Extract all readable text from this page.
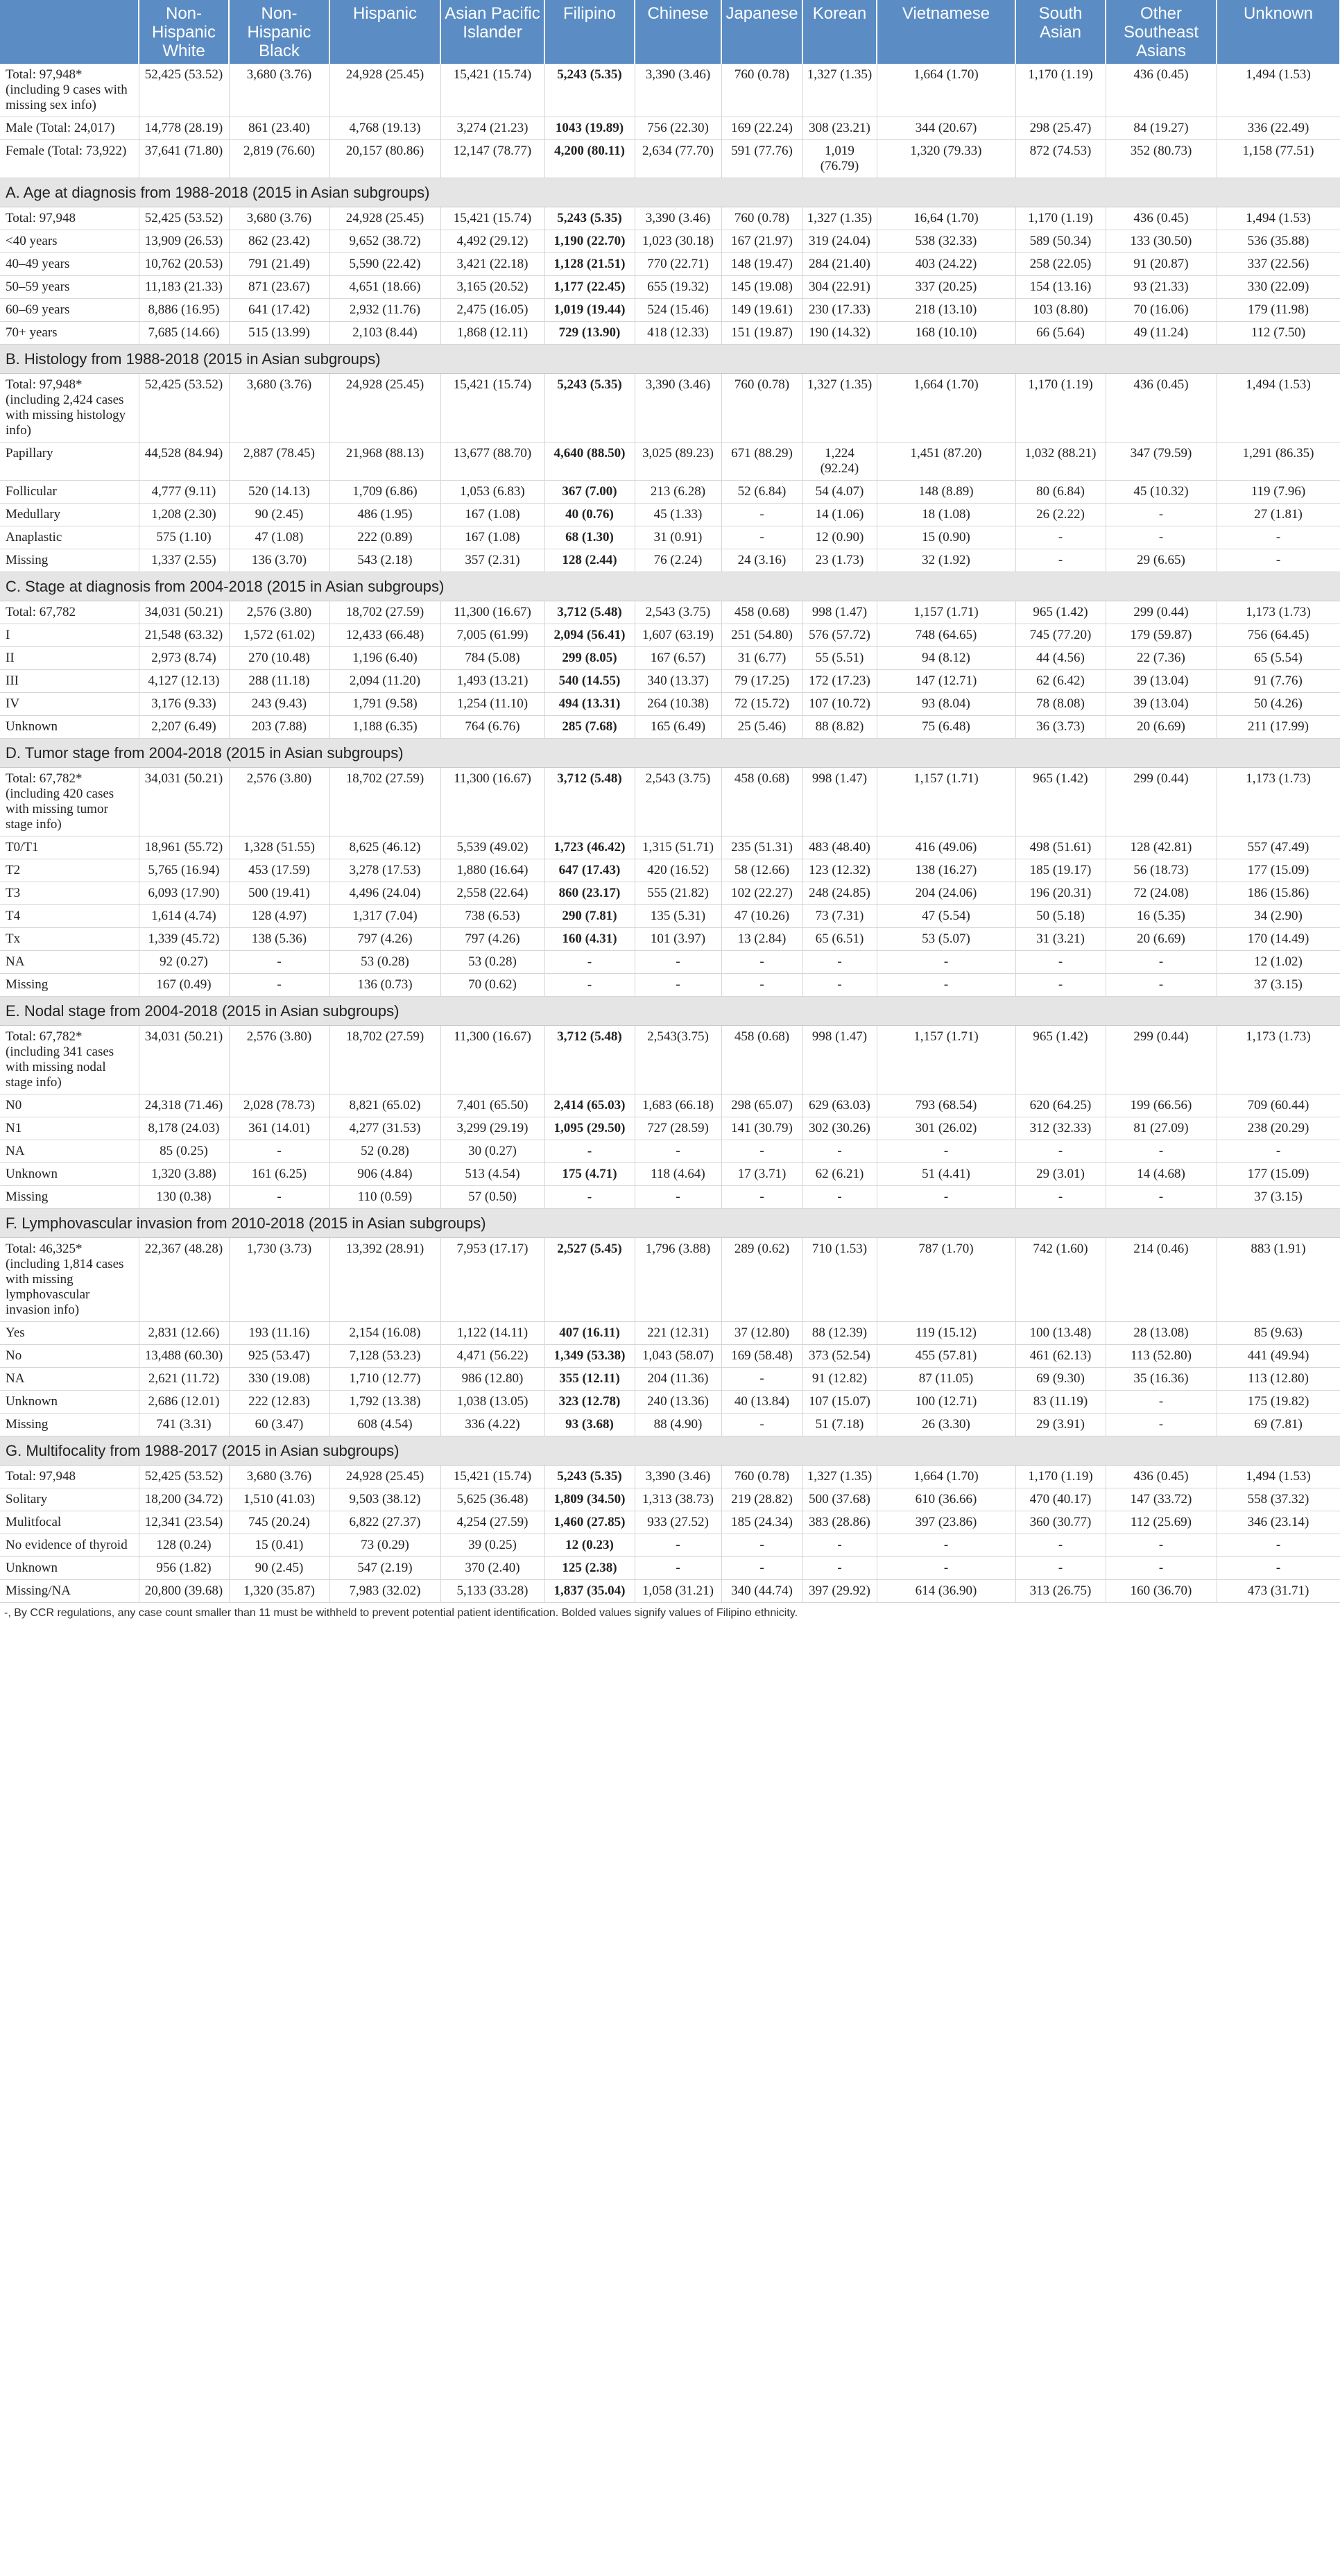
	Non-Hispanic White	Non-Hispanic Black	Hispanic	Asian Pacific Islander	Filipino	Chinese	Japanese	Korean	Vietnamese	South Asian	Other Southeast Asians	Unknown
Total: 97,948* (including 9 cases with missing sex info)	52,425 (53.52)	3,680 (3.76)	24,928 (25.45)	15,421 (15.74)	5,243 (5.35)	3,390 (3.46)	760 (0.78)	1,327 (1.35)	1,664 (1.70)	1,170 (1.19)	436 (0.45)	1,494 (1.53)
Male (Total: 24,017)	14,778 (28.19)	861 (23.40)	4,768 (19.13)	3,274 (21.23)	1043 (19.89)	756 (22.30)	169 (22.24)	308 (23.21)	344 (20.67)	298 (25.47)	84 (19.27)	336 (22.49)
Female (Total: 73,922)	37,641 (71.80)	2,819 (76.60)	20,157 (80.86)	12,147 (78.77)	4,200 (80.11)	2,634 (77.70)	591 (77.76)	1,019 (76.79)	1,320 (79.33)	872 (74.53)	352 (80.73)	1,158 (77.51)
A. Age at diagnosis from 1988-2018 (2015 in Asian subgroups)												
Total: 97,948	52,425 (53.52)	3,680 (3.76)	24,928 (25.45)	15,421 (15.74)	5,243 (5.35)	3,390 (3.46)	760 (0.78)	1,327 (1.35)	16,64 (1.70)	1,170 (1.19)	436 (0.45)	1,494 (1.53)
<40 years	13,909 (26.53)	862 (23.42)	9,652 (38.72)	4,492 (29.12)	1,190 (22.70)	1,023 (30.18)	167 (21.97)	319 (24.04)	538 (32.33)	589 (50.34)	133 (30.50)	536 (35.88)
40–49 years	10,762 (20.53)	791 (21.49)	5,590 (22.42)	3,421 (22.18)	1,128 (21.51)	770 (22.71)	148 (19.47)	284 (21.40)	403 (24.22)	258 (22.05)	91 (20.87)	337 (22.56)
50–59 years	11,183 (21.33)	871 (23.67)	4,651 (18.66)	3,165 (20.52)	1,177 (22.45)	655 (19.32)	145 (19.08)	304 (22.91)	337 (20.25)	154 (13.16)	93 (21.33)	330 (22.09)
60–69 years	8,886 (16.95)	641 (17.42)	2,932 (11.76)	2,475 (16.05)	1,019 (19.44)	524 (15.46)	149 (19.61)	230 (17.33)	218 (13.10)	103 (8.80)	70 (16.06)	179 (11.98)
70+ years	7,685 (14.66)	515 (13.99)	2,103 (8.44)	1,868 (12.11)	729 (13.90)	418 (12.33)	151 (19.87)	190 (14.32)	168 (10.10)	66 (5.64)	49 (11.24)	112 (7.50)
B. Histology from 1988-2018 (2015 in Asian subgroups)												
Total: 97,948* (including 2,424 cases with missing histology info)	52,425 (53.52)	3,680 (3.76)	24,928 (25.45)	15,421 (15.74)	5,243 (5.35)	3,390 (3.46)	760 (0.78)	1,327 (1.35)	1,664 (1.70)	1,170 (1.19)	436 (0.45)	1,494 (1.53)
Papillary	44,528 (84.94)	2,887 (78.45)	21,968 (88.13)	13,677 (88.70)	4,640 (88.50)	3,025 (89.23)	671 (88.29)	1,224 (92.24)	1,451 (87.20)	1,032 (88.21)	347 (79.59)	1,291 (86.35)
Follicular	4,777 (9.11)	520 (14.13)	1,709 (6.86)	1,053 (6.83)	367 (7.00)	213 (6.28)	52 (6.84)	54 (4.07)	148 (8.89)	80 (6.84)	45 (10.32)	119 (7.96)
Medullary	1,208 (2.30)	90 (2.45)	486 (1.95)	167 (1.08)	40 (0.76)	45 (1.33)	-	14 (1.06)	18 (1.08)	26 (2.22)	-	27 (1.81)
Anaplastic	575 (1.10)	47 (1.08)	222 (0.89)	167 (1.08)	68 (1.30)	31 (0.91)	-	12 (0.90)	15 (0.90)	-	-	-
Missing	1,337 (2.55)	136 (3.70)	543 (2.18)	357 (2.31)	128 (2.44)	76 (2.24)	24 (3.16)	23 (1.73)	32 (1.92)	-	29 (6.65)	-
C. Stage at diagnosis from 2004-2018 (2015 in Asian subgroups)												
Total: 67,782	34,031 (50.21)	2,576 (3.80)	18,702 (27.59)	11,300 (16.67)	3,712 (5.48)	2,543 (3.75)	458 (0.68)	998 (1.47)	1,157 (1.71)	965 (1.42)	299 (0.44)	1,173 (1.73)
I	21,548 (63.32)	1,572 (61.02)	12,433 (66.48)	7,005 (61.99)	2,094 (56.41)	1,607 (63.19)	251 (54.80)	576 (57.72)	748 (64.65)	745 (77.20)	179 (59.87)	756 (64.45)
II	2,973 (8.74)	270 (10.48)	1,196 (6.40)	784 (5.08)	299 (8.05)	167 (6.57)	31 (6.77)	55 (5.51)	94 (8.12)	44 (4.56)	22 (7.36)	65 (5.54)
III	4,127 (12.13)	288 (11.18)	2,094 (11.20)	1,493 (13.21)	540 (14.55)	340 (13.37)	79 (17.25)	172 (17.23)	147 (12.71)	62 (6.42)	39 (13.04)	91 (7.76)
IV	3,176 (9.33)	243 (9.43)	1,791 (9.58)	1,254 (11.10)	494 (13.31)	264 (10.38)	72 (15.72)	107 (10.72)	93 (8.04)	78 (8.08)	39 (13.04)	50 (4.26)
Unknown	2,207 (6.49)	203 (7.88)	1,188 (6.35)	764 (6.76)	285 (7.68)	165 (6.49)	25 (5.46)	88 (8.82)	75 (6.48)	36 (3.73)	20 (6.69)	211 (17.99)
D. Tumor stage from 2004-2018 (2015 in Asian subgroups)												
Total: 67,782* (including 420 cases with missing tumor stage info)	34,031 (50.21)	2,576 (3.80)	18,702 (27.59)	11,300 (16.67)	3,712 (5.48)	2,543 (3.75)	458 (0.68)	998 (1.47)	1,157 (1.71)	965 (1.42)	299 (0.44)	1,173 (1.73)
T0/T1	18,961 (55.72)	1,328 (51.55)	8,625 (46.12)	5,539 (49.02)	1,723 (46.42)	1,315 (51.71)	235 (51.31)	483 (48.40)	416 (49.06)	498 (51.61)	128 (42.81)	557 (47.49)
T2	5,765 (16.94)	453 (17.59)	3,278 (17.53)	1,880 (16.64)	647 (17.43)	420 (16.52)	58 (12.66)	123 (12.32)	138 (16.27)	185 (19.17)	56 (18.73)	177 (15.09)
T3	6,093 (17.90)	500 (19.41)	4,496 (24.04)	2,558 (22.64)	860 (23.17)	555 (21.82)	102 (22.27)	248 (24.85)	204 (24.06)	196 (20.31)	72 (24.08)	186 (15.86)
T4	1,614 (4.74)	128 (4.97)	1,317 (7.04)	738 (6.53)	290 (7.81)	135 (5.31)	47 (10.26)	73 (7.31)	47 (5.54)	50 (5.18)	16 (5.35)	34 (2.90)
Tx	1,339 (45.72)	138 (5.36)	797 (4.26)	797 (4.26)	160 (4.31)	101 (3.97)	13 (2.84)	65 (6.51)	53 (5.07)	31 (3.21)	20 (6.69)	170 (14.49)
NA	92 (0.27)	-	53 (0.28)	53 (0.28)	-	-	-	-	-	-	-	12 (1.02)
Missing	167 (0.49)	-	136 (0.73)	70 (0.62)	-	-	-	-	-	-	-	37 (3.15)
E. Nodal stage from 2004-2018 (2015 in Asian subgroups)												
Total: 67,782* (including 341 cases with missing nodal stage info)	34,031 (50.21)	2,576 (3.80)	18,702 (27.59)	11,300 (16.67)	3,712 (5.48)	2,543(3.75)	458 (0.68)	998 (1.47)	1,157 (1.71)	965 (1.42)	299 (0.44)	1,173 (1.73)
N0	24,318 (71.46)	2,028 (78.73)	8,821 (65.02)	7,401 (65.50)	2,414 (65.03)	1,683 (66.18)	298 (65.07)	629 (63.03)	793 (68.54)	620 (64.25)	199 (66.56)	709 (60.44)
N1	8,178 (24.03)	361 (14.01)	4,277 (31.53)	3,299 (29.19)	1,095 (29.50)	727 (28.59)	141 (30.79)	302 (30.26)	301 (26.02)	312 (32.33)	81 (27.09)	238 (20.29)
NA	85 (0.25)	-	52 (0.28)	30 (0.27)	-	-	-	-	-	-	-	-
Unknown	1,320 (3.88)	161 (6.25)	906 (4.84)	513 (4.54)	175 (4.71)	118 (4.64)	17 (3.71)	62 (6.21)	51 (4.41)	29 (3.01)	14 (4.68)	177 (15.09)
Missing	130 (0.38)	-	110 (0.59)	57 (0.50)	-	-	-	-	-	-	-	37 (3.15)
F. Lymphovascular invasion from 2010-2018 (2015 in Asian subgroups)												
Total: 46,325* (including 1,814 cases with missing lymphovascular invasion info)	22,367 (48.28)	1,730 (3.73)	13,392 (28.91)	7,953 (17.17)	2,527 (5.45)	1,796 (3.88)	289 (0.62)	710 (1.53)	787 (1.70)	742 (1.60)	214 (0.46)	883 (1.91)
Yes	2,831 (12.66)	193 (11.16)	2,154 (16.08)	1,122 (14.11)	407 (16.11)	221 (12.31)	37 (12.80)	88 (12.39)	119 (15.12)	100 (13.48)	28 (13.08)	85 (9.63)
No	13,488 (60.30)	925 (53.47)	7,128 (53.23)	4,471 (56.22)	1,349 (53.38)	1,043 (58.07)	169 (58.48)	373 (52.54)	455 (57.81)	461 (62.13)	113 (52.80)	441 (49.94)
NA	2,621 (11.72)	330 (19.08)	1,710 (12.77)	986 (12.80)	355 (12.11)	204 (11.36)	-	91 (12.82)	87 (11.05)	69 (9.30)	35 (16.36)	113 (12.80)
Unknown	2,686 (12.01)	222 (12.83)	1,792 (13.38)	1,038 (13.05)	323 (12.78)	240 (13.36)	40 (13.84)	107 (15.07)	100 (12.71)	83 (11.19)	-	175 (19.82)
Missing	741 (3.31)	60 (3.47)	608 (4.54)	336 (4.22)	93 (3.68)	88 (4.90)	-	51 (7.18)	26 (3.30)	29 (3.91)	-	69 (7.81)
G. Multifocality from 1988-2017 (2015 in Asian subgroups)												
Total: 97,948	52,425 (53.52)	3,680 (3.76)	24,928 (25.45)	15,421 (15.74)	5,243 (5.35)	3,390 (3.46)	760 (0.78)	1,327 (1.35)	1,664 (1.70)	1,170 (1.19)	436 (0.45)	1,494 (1.53)
Solitary	18,200 (34.72)	1,510 (41.03)	9,503 (38.12)	5,625 (36.48)	1,809 (34.50)	1,313 (38.73)	219 (28.82)	500 (37.68)	610 (36.66)	470 (40.17)	147 (33.72)	558 (37.32)
Mulitfocal	12,341 (23.54)	745 (20.24)	6,822 (27.37)	4,254 (27.59)	1,460 (27.85)	933 (27.52)	185 (24.34)	383 (28.86)	397 (23.86)	360 (30.77)	112 (25.69)	346 (23.14)
No evidence of thyroid	128 (0.24)	15 (0.41)	73 (0.29)	39 (0.25)	12 (0.23)	-	-	-	-	-	-	-
Unknown	956 (1.82)	90 (2.45)	547 (2.19)	370 (2.40)	125 (2.38)	-	-	-	-	-	-	-
Missing/NA	20,800 (39.68)	1,320 (35.87)	7,983 (32.02)	5,133 (33.28)	1,837 (35.04)	1,058 (31.21)	340 (44.74)	397 (29.92)	614 (36.90)	313 (26.75)	160 (36.70)	473 (31.71)
-, By CCR regulations, any case count smaller than 11 must be withheld to prevent potential patient identification. Bolded values signify values of Filipino ethnicity.
